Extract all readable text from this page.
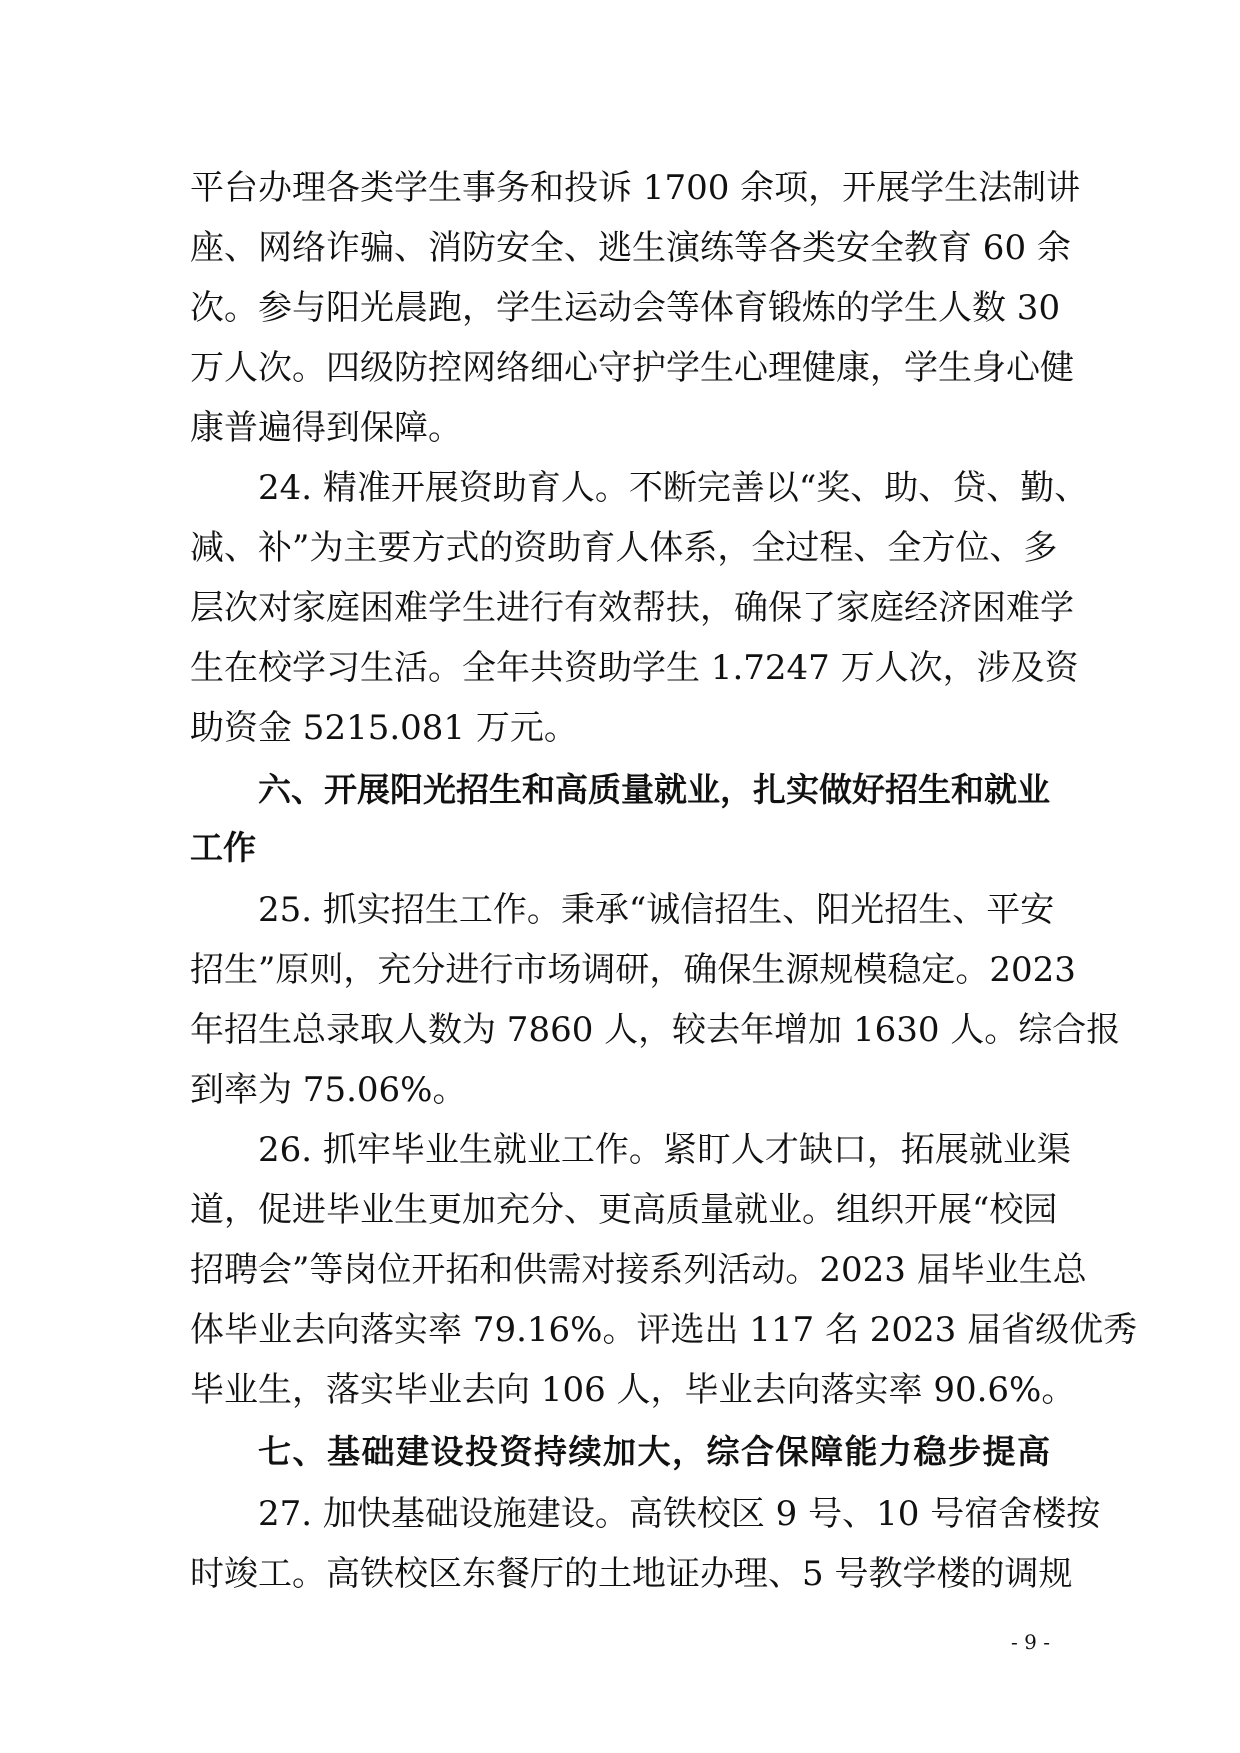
平台办理各类学生事务和投诉 1700 余项，开展学生法制讲
座、网络诈骗、消防安全、逃生演练等各类安全教育 60 余
次。参与阳光晨跑，学生运动会等体育锻炼的学生人数 30
万人次。四级防控网络细心守护学生心理健康，学生身心健
康普遍得到保障。
24. 精准开展资助育人。不断完善以“奖、助、贷、勤、
减、补”为主要方式的资助育人体系，全过程、全方位、多
层次对家庭困难学生进行有效帮扶，确保了家庭经济困难学
生在校学习生活。全年共资助学生 1.7247 万人次，涉及资
助资金 5215.081 万元。
六、开展阳光招生和高质量就业，扎实做好招生和就业
工作
25. 抓实招生工作。秉承“诚信招生、阳光招生、平安
招生”原则，充分进行市场调研，确保生源规模稳定。2023
年招生总录取人数为 7860 人，较去年增加 1630 人。综合报
到率为 75.06%。
26. 抓牢毕业生就业工作。紧盯人才缺口，拓展就业渠
道，促进毕业生更加充分、更高质量就业。组织开展“校园
招聘会”等岗位开拓和供需对接系列活动。2023 届毕业生总
体毕业去向落实率 79.16%。评选出 117 名 2023 届省级优秀
毕业生，落实毕业去向 106 人，毕业去向落实率 90.6%。
七、基础建设投资持续加大，综合保障能力稳步提高
27. 加快基础设施建设。高铁校区 9 号、10 号宿舍楼按
时竣工。高铁校区东餐厅的土地证办理、5 号教学楼的调规
- 9 -
